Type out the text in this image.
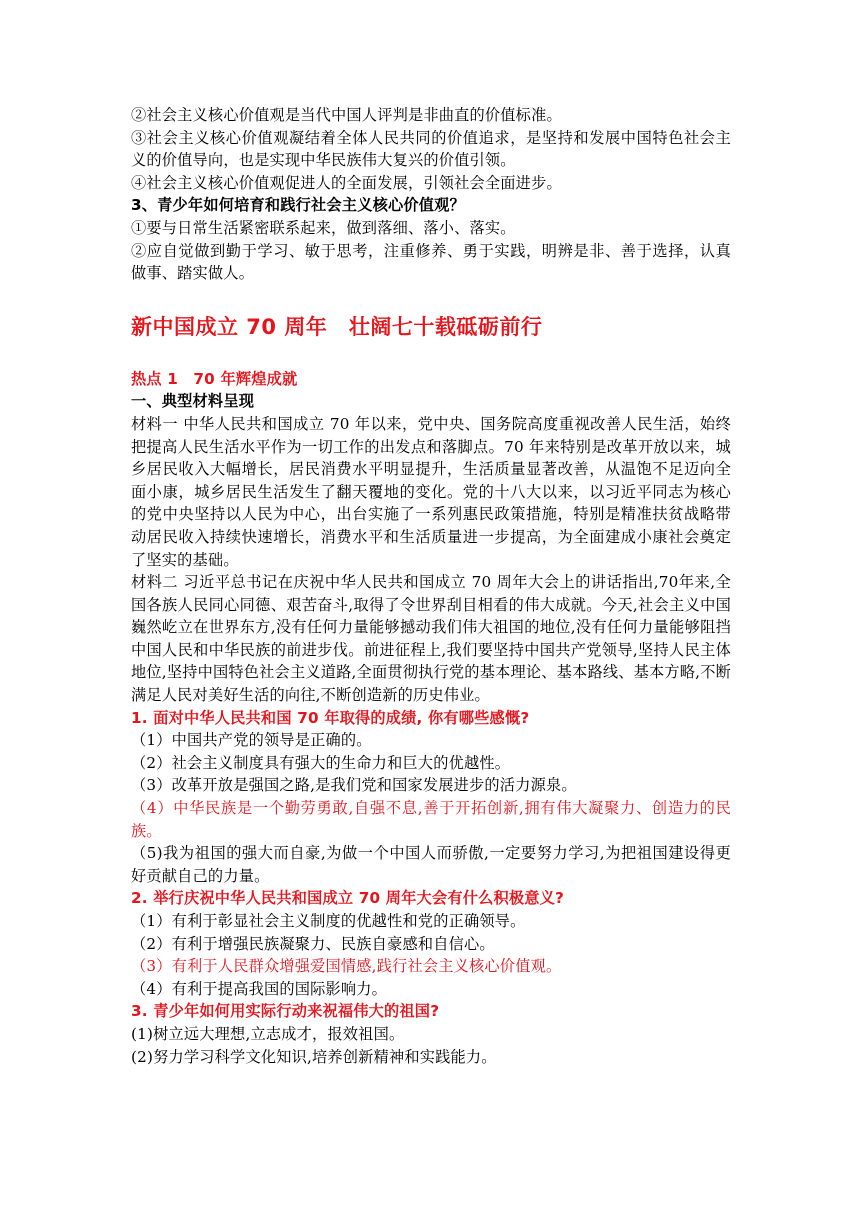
②社会主义核心价值观是当代中国人评判是非曲直的价值标准。

③社会主义核心价值观凝结着全体人民共同的价值追求，是坚持和发展中国特色社会主义的价值导向，也是实现中华民族伟大复兴的价值引领。

④社会主义核心价值观促进人的全面发展，引领社会全面进步。

3、青少年如何培育和践行社会主义核心价值观？

①要与日常生活紧密联系起来，做到落细、落小、落实。

②应自觉做到勤于学习、敏于思考，注重修养、勇于实践，明辨是非、善于选择，认真做事、踏实做人。

新中国成立 70 周年　壮阔七十载砥砺前行

热点 1　70 年辉煌成就

一、典型材料呈现

材料一 中华人民共和国成立 70 年以来，党中央、国务院高度重视改善人民生活，始终把提高人民生活水平作为一切工作的出发点和落脚点。70 年来特别是改革开放以来，城乡居民收入大幅增长，居民消费水平明显提升，生活质量显著改善，从温饱不足迈向全面小康，城乡居民生活发生了翻天覆地的变化。党的十八大以来，以习近平同志为核心的党中央坚持以人民为中心，出台实施了一系列惠民政策措施，特别是精准扶贫战略带动居民收入持续快速增长，消费水平和生活质量进一步提高，为全面建成小康社会奠定了坚实的基础。

材料二 习近平总书记在庆祝中华人民共和国成立 70 周年大会上的讲话指出,70年来,全国各族人民同心同德、艰苦奋斗,取得了令世界刮目相看的伟大成就。今天,社会主义中国巍然屹立在世界东方,没有任何力量能够撼动我们伟大祖国的地位,没有任何力量能够阻挡中国人民和中华民族的前进步伐。前进征程上,我们要坚持中国共产党领导,坚持人民主体地位,坚持中国特色社会主义道路,全面贯彻执行党的基本理论、基本路线、基本方略,不断满足人民对美好生活的向往,不断创造新的历史伟业。

1. 面对中华人民共和国 70 年取得的成绩, 你有哪些感慨?

（1）中国共产党的领导是正确的。

（2）社会主义制度具有强大的生命力和巨大的优越性。

（3）改革开放是强国之路,是我们党和国家发展进步的活力源泉。

（4）中华民族是一个勤劳勇敢,自强不息,善于开拓创新,拥有伟大凝聚力、创造力的民族。

（5)我为祖国的强大而自豪,为做一个中国人而骄傲,一定要努力学习,为把祖国建设得更好贡献自己的力量。

2. 举行庆祝中华人民共和国成立 70 周年大会有什么积极意义?

（1）有利于彰显社会主义制度的优越性和党的正确领导。

（2）有利于增强民族凝聚力、民族自豪感和自信心。

（3）有利于人民群众增强爱国情感,践行社会主义核心价值观。

（4）有利于提高我国的国际影响力。

3. 青少年如何用实际行动来祝福伟大的祖国?

(1)树立远大理想,立志成才，报效祖国。

(2)努力学习科学文化知识,培养创新精神和实践能力。
